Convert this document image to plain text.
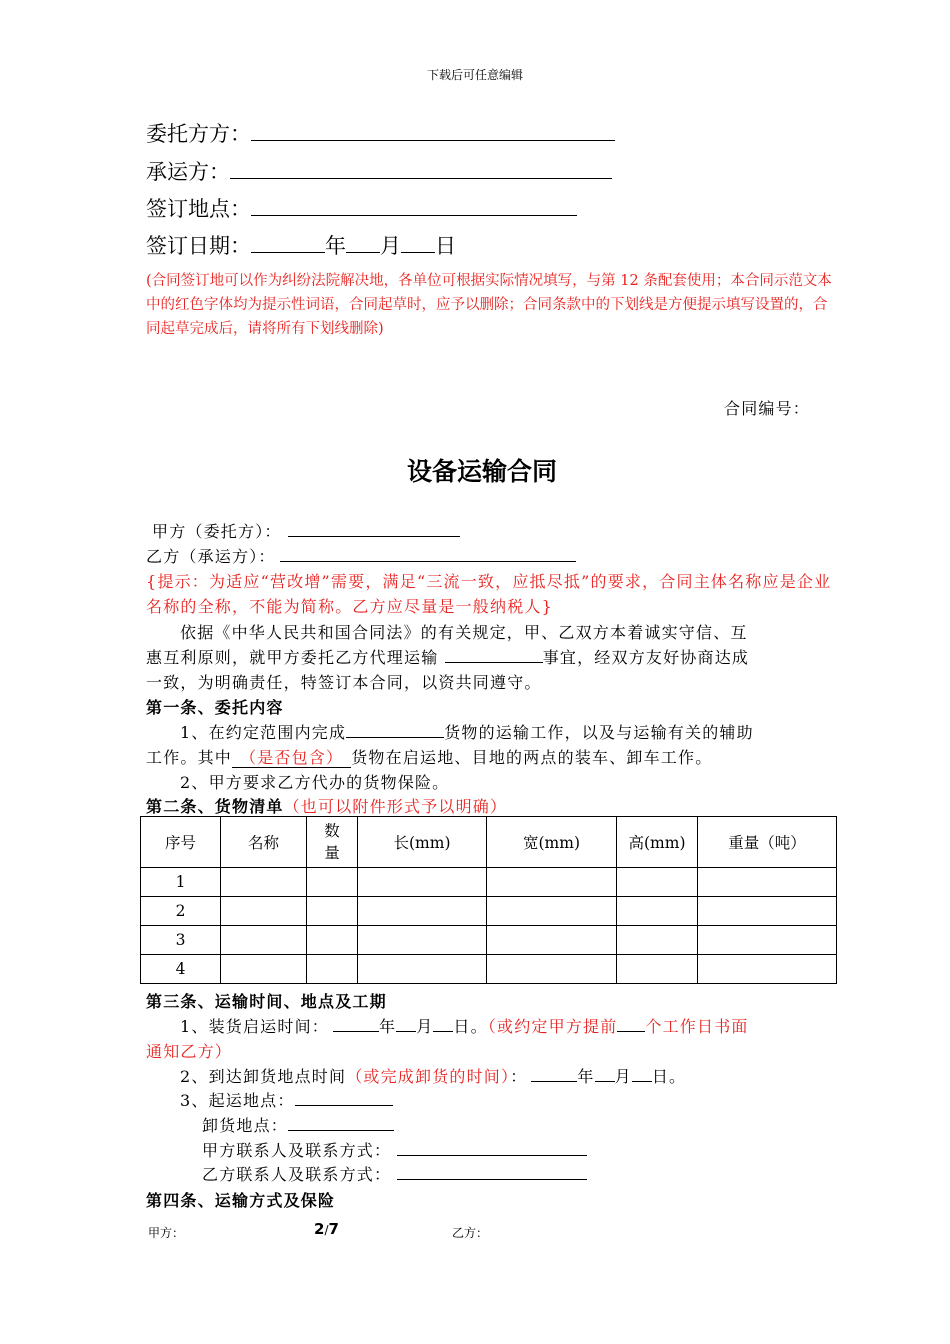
下载后可任意编辑
委托方方：
承运方：
签订地点：
签订日期：	年 月 日
(合同签订地可以作为纠纷法院解决地，各单位可根据实际情况填写，与第 12 条配套使用；本合同示范文本中的红色字体均为提示性词语，合同起草时，应予以删除；合同条款中的下划线是方便提示填写设置的，合同起草完成后，请将所有下划线删除)
合同编号：
设备运输合同
甲方（委托方）：
乙方（承运方）：
{提示：为适应“营改增”需要，满足“三流一致，应抵尽抵”的要求，合同主体名称应是企业名称的全称，不能为简称。乙方应尽量是一般纳税人}
依据《中华人民共和国合同法》的有关规定，甲、乙双方本着诚实守信、互
惠互利原则，就甲方委托乙方代理运输	事宜，经双方友好协商达成
一致，为明确责任，特签订本合同，以资共同遵守。
第一条、委托内容
1、在约定范围内完成	货物的运输工作，以及与运输有关的辅助
工作。其中 （是否包含） 货物在启运地、目地的两点的装车、卸车工作。
2、甲方要求乙方代办的货物保险。
第二条、货物清单（也可以附件形式予以明确）
序号	名称	数量	长(mm)	宽(mm)	高(mm)	重量（吨）
1						
2						
3						
4						
第三条、运输时间、地点及工期
1、装货启运时间：	年 月 日。（或约定甲方提前 个工作日书面
通知乙方）
2、到达卸货地点时间（或完成卸货的时间）：	年 月 日。
3、起运地点：
卸货地点：
甲方联系人及联系方式：
乙方联系人及联系方式：
第四条、运输方式及保险
甲方：	2/7	乙方：
